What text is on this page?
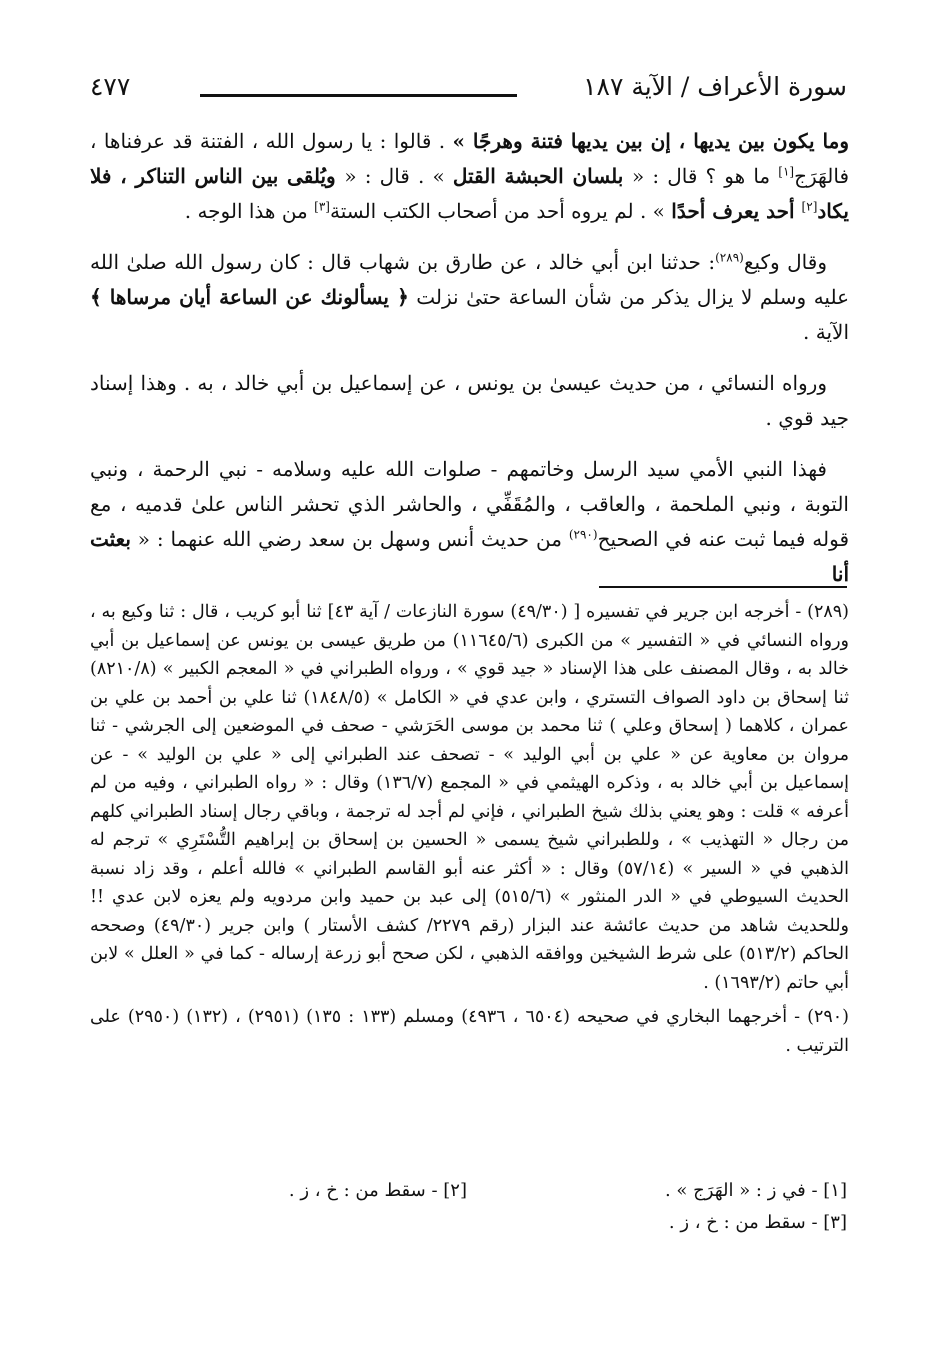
سورة الأعراف / الآية ١٨٧
٤٧٧

وما يكون بين يديها ، إن بين يديها فتنة وهرجًا » . قالوا : يا رسول الله ، الفتنة قد عرفناها ، فالهَرَج[١] ما هو ؟ قال : « بلسان الحبشة القتل » . قال : « ويُلقى بين الناس التناكر ، فلا يكاد[٢] أحد يعرف أحدًا » . لم يروه أحد من أصحاب الكتب الستة[٣] من هذا الوجه .

وقال وكيع$^{(٢٨٩)}$: حدثنا ابن أبي خالد ، عن طارق بن شهاب قال : كان رسول الله صلىٰ الله عليه وسلم لا يزال يذكر من شأن الساعة حتىٰ نزلت ﴿ يسألونك عن الساعة أيان مرساها ﴾ الآية .

ورواه النسائي ، من حديث عيسىٰ بن يونس ، عن إسماعيل بن أبي خالد ، به . وهذا إسناد جيد قوي .

فهذا النبي الأمي سيد الرسل وخاتمهم - صلوات الله عليه وسلامه - نبي الرحمة ، ونبي التوبة ، ونبي الملحمة ، والعاقب ، والمُقَفِّي ، والحاشر الذي تحشر الناس علىٰ قدميه ، مع قوله فيما ثبت عنه في الصحيح$^{(٢٩٠)}$ من حديث أنس وسهل بن سعد رضي الله عنهما : « بعثت أنا

(٢٨٩) - أخرجه ابن جرير في تفسيره [ (٤٩/٣٠) سورة النازعات / آية ٤٣] ثنا أبو كريب ، قال : ثنا وكيع به ، ورواه النسائي في « التفسير » من الكبرى (١١٦٤٥/٦) من طريق عيسى بن يونس عن إسماعيل بن أبي خالد به ، وقال المصنف على هذا الإسناد « جيد قوي » ، ورواه الطبراني في « المعجم الكبير » (٨٢١٠/٨) ثنا إسحاق بن داود الصواف التستري ، وابن عدي في « الكامل » (١٨٤٨/٥) ثنا علي بن أحمد بن علي بن عمران ، كلاهما ( إسحاق وعلي ) ثنا محمد بن موسى الحَرَشي - صحف في الموضعين إلى الجرشي - ثنا مروان بن معاوية عن « علي بن أبي الوليد » - تصحف عند الطبراني إلى « علي بن الوليد » - عن إسماعيل بن أبي خالد به ، وذكره الهيثمي في « المجمع (١٣٦/٧) وقال : « رواه الطبراني ، وفيه من لم أعرفه » قلت : وهو يعني بذلك شيخ الطبراني ، فإني لم أجد له ترجمة ، وباقي رجال إسناد الطبراني كلهم من رجال « التهذيب » ، وللطبراني شيخ يسمى « الحسين بن إسحاق بن إبراهيم التُّسْتَرِي » ترجم له الذهبي في « السير » (٥٧/١٤) وقال : « أكثر عنه أبو القاسم الطبراني » فالله أعلم ، وقد زاد نسبة الحديث السيوطي في « الدر المنثور » (٥١٥/٦) إلى عبد بن حميد وابن مردويه ولم يعزه لابن عدي !! وللحديث شاهد من حديث عائشة عند البزار (رقم ٢٢٧٩/ كشف الأستار ) وابن جرير (٤٩/٣٠) وصححه الحاكم (٥١٣/٢) على شرط الشيخين ووافقه الذهبي ، لكن صحح أبو زرعة إرساله - كما في « العلل » لابن أبي حاتم (١٦٩٣/٢) .

(٢٩٠) - أخرجهما البخاري في صحيحه (٦٥٠٤ ، ٤٩٣٦) ومسلم (١٣٣ : ١٣٥) (٢٩٥١) ، (١٣٢) (٢٩٥٠) على الترتيب .

[١] - في ز : « الهَرَج » .
[٢] - سقط من : خ ، ز .
[٣] - سقط من : خ ، ز .
